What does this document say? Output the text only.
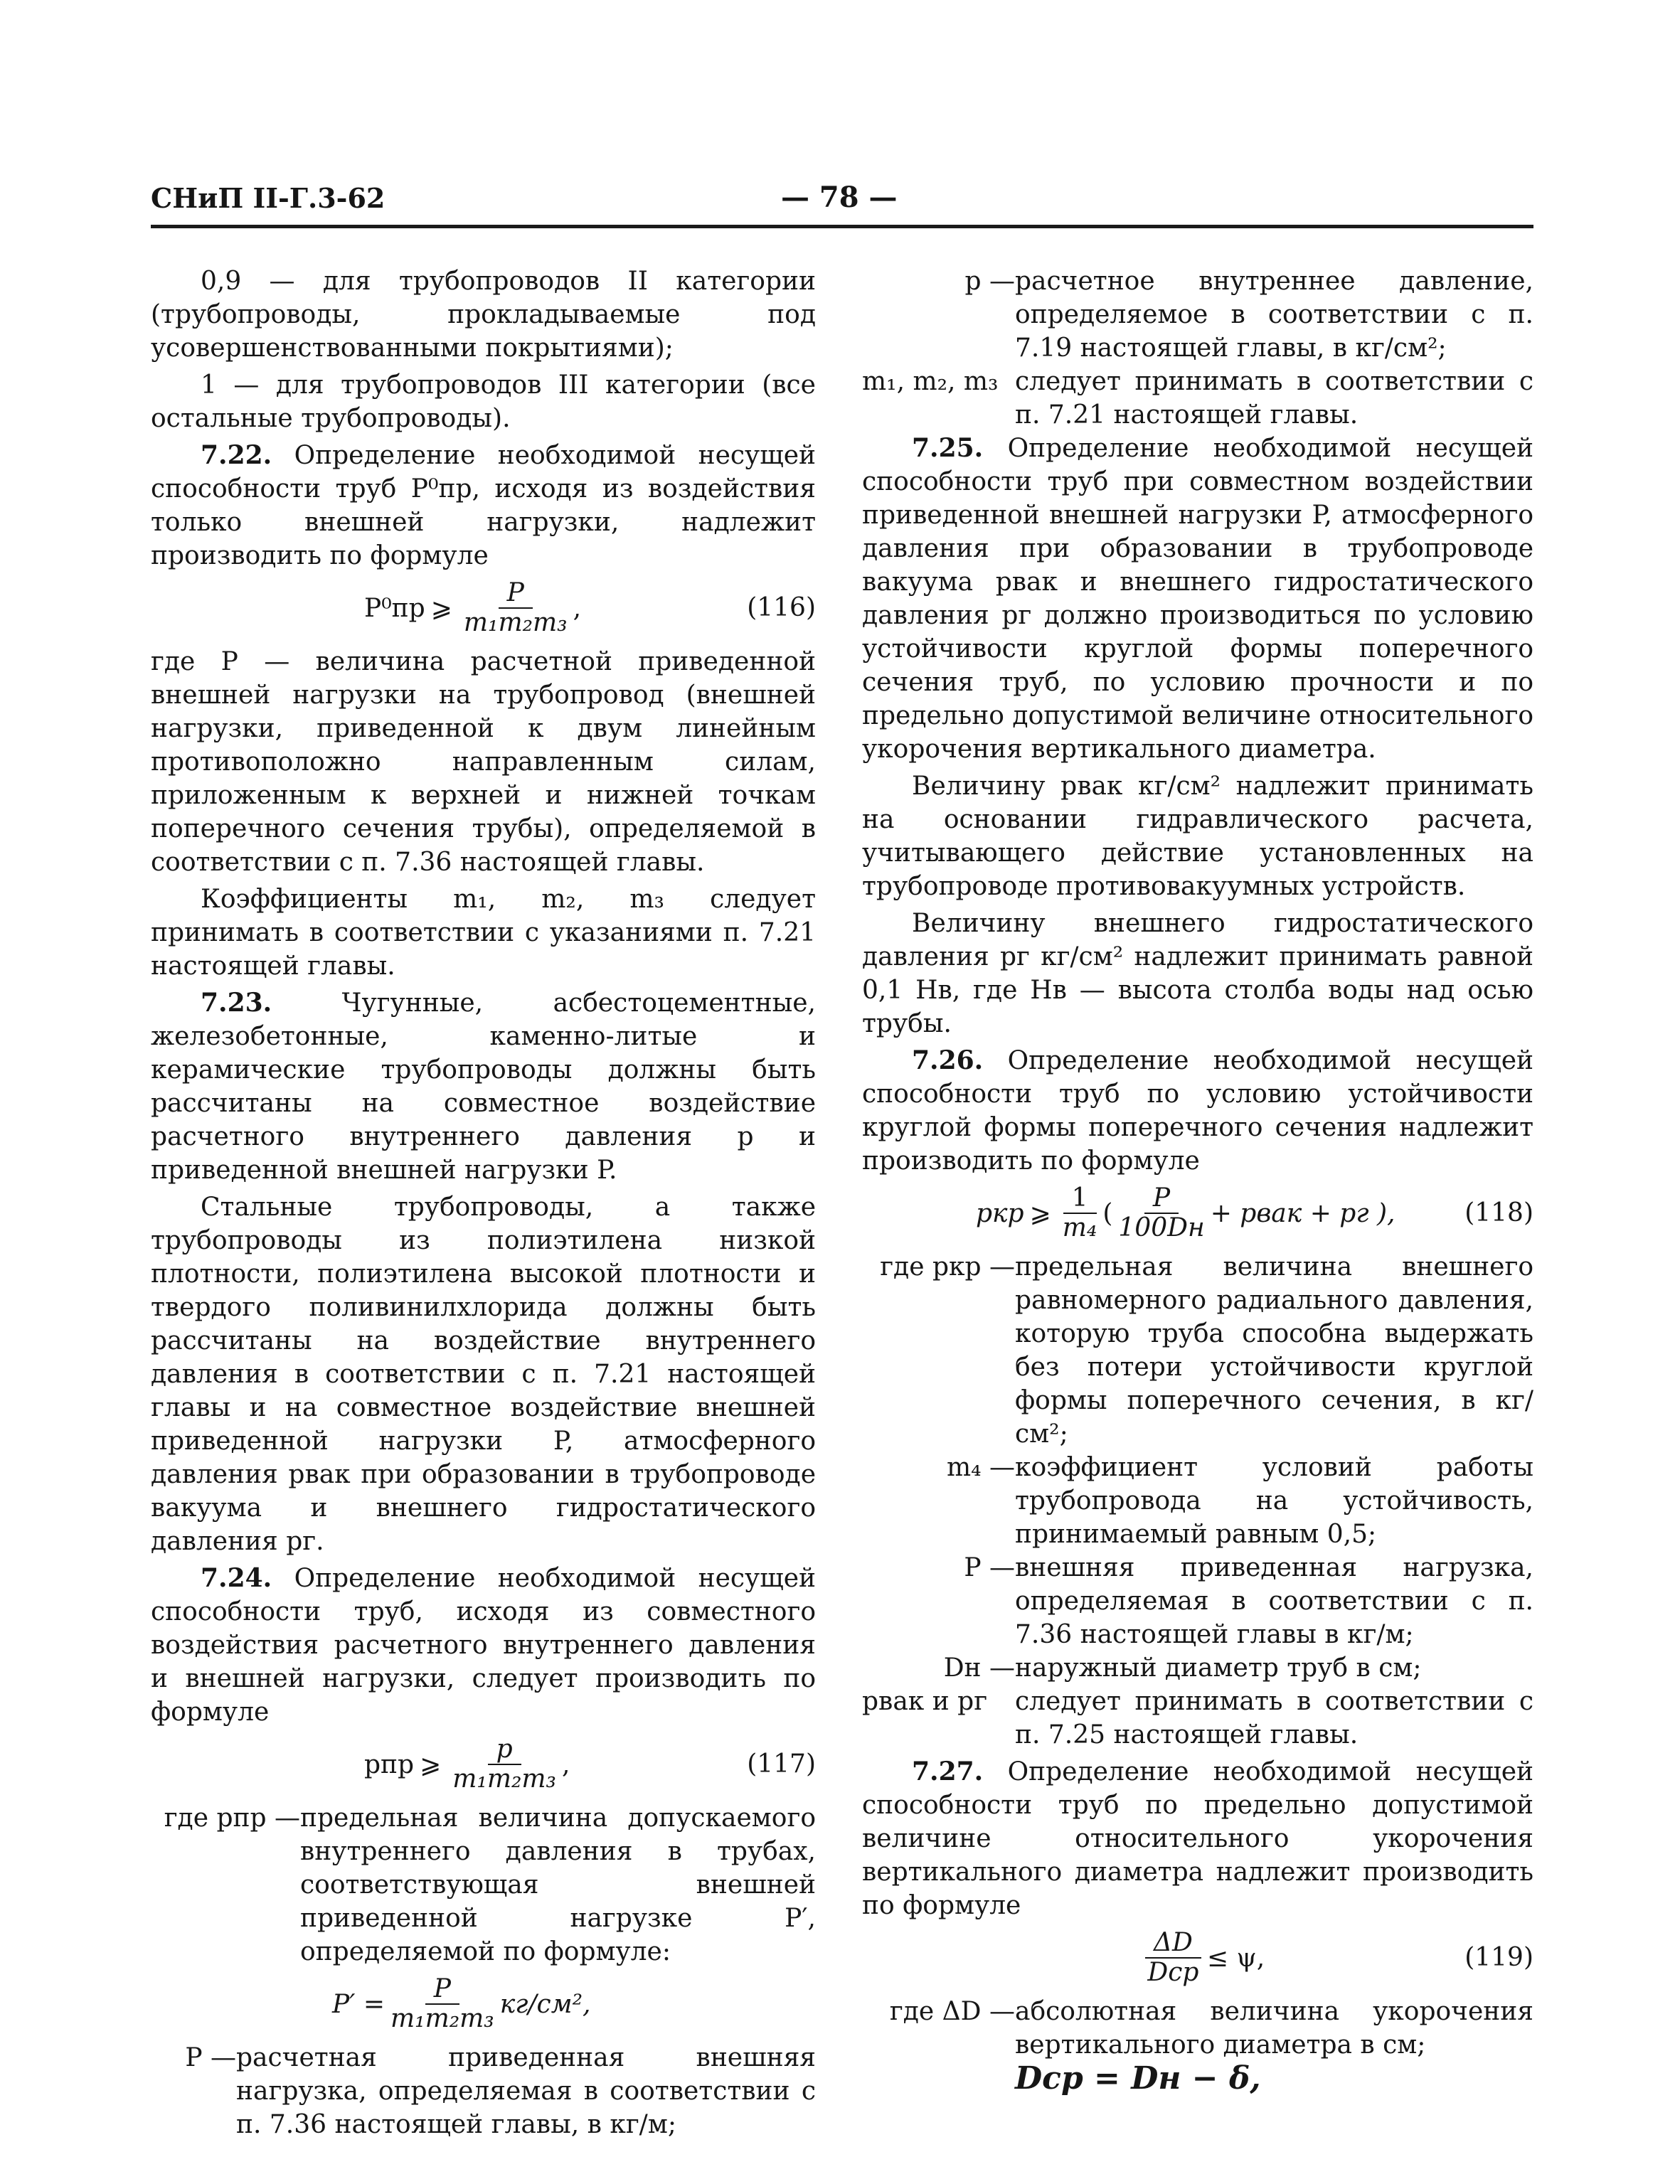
СНиП II-Г.3-62	— 78 —

0,9 — для трубопроводов II категории (трубопроводы, прокладываемые под усовершенствованными покрытиями);

1 — для трубопроводов III категории (все остальные трубопроводы).

7.22. Определение необходимой несущей способности труб P⁰пр, исходя из воздействия только внешней нагрузки, надлежит производить по формуле

P⁰пр ⩾ $\frac{P}{\text{m₁m₂m₃}}$ ,	(116)

где P — величина расчетной приведенной внешней нагрузки на трубопровод (внешней нагрузки, приведенной к двум линейным противоположно направленным силам, приложенным к верхней и нижней точкам поперечного сечения трубы), определяемой в соответствии с п. 7.36 настоящей главы.

Коэффициенты m₁, m₂, m₃ следует принимать в соответствии с указаниями п. 7.21 настоящей главы.

7.23.	Чугунные, асбестоцементные, железобетонные, каменно-литые и керамические трубопроводы должны быть рассчитаны на совместное воздействие расчетного внутреннего давления p и приведенной внешней нагрузки P.

Стальные трубопроводы, а также трубопроводы из полиэтилена низкой плотности, полиэтилена высокой плотности и твердого поливинилхлорида должны быть рассчитаны на воздействие внутреннего давления в соответствии с п. 7.21 настоящей главы и на совместное воздействие внешней приведенной нагрузки P, атмосферного давления pвак при образовании в трубопроводе вакуума и внешнего гидростатического давления pг.

7.24. Определение необходимой несущей способности труб, исходя из совместного воздействия расчетного внутреннего давления и внешней нагрузки, следует производить по формуле

pпр ⩾ $\frac{p}{\text{m₁m₂m₃}}$ ,	(117)
где pпр — предельная величина допускаемого внутреннего давления в трубах, соответствующая внешней приведенной нагрузке P′, определяемой по формуле:
$P' = \frac{P}{\text{m₁m₂m₃}} кг/см^2$,
P — расчетная приведенная внешняя нагрузка, определяемая в соответствии с п. 7.36 настоящей главы, в кг/м;
p — расчетное внутреннее давление, определяемое в соответствии с п. 7.19 настоящей главы, в кг/см²;
m₁, m₂, m₃ следует принимать в соответствии с п. 7.21 настоящей главы.

7.25. Определение необходимой несущей способности труб при совместном воздействии приведенной внешней нагрузки P, атмосферного давления при образовании в трубопроводе вакуума pвак и внешнего гидростатического давления pг должно производиться по условию устойчивости круглой формы поперечного сечения труб, по условию прочности и по предельно допустимой величине относительного укорочения вертикального диаметра.

Величину pвак кг/см² надлежит принимать на основании гидравлического расчета, учитывающего действие установленных на трубопроводе противовакуумных устройств.

Величину внешнего гидростатического давления pг кг/см² надлежит принимать равной 0,1 Hв, где Hв — высота столба воды над осью трубы.

7.26. Определение необходимой несущей способности труб по условию устойчивости круглой формы поперечного сечения надлежит производить по формуле

pкр ⩾ $\frac{1}{\text{m₄}}$ ( $\frac{P}{100Dн}$ + pвак + pг ),	(118)
где pкр — предельная величина внешнего равномерного радиального давления, которую труба способна выдержать без потери устойчивости круглой формы поперечного сечения, в кг/см²;
m₄ — коэффициент условий работы трубопровода на устойчивость, принимаемый равным 0,5;
P — внешняя приведенная нагрузка, определяемая в соответствии с п. 7.36 настоящей главы в кг/м;
Dн — наружный диаметр труб в см;
pвак и pг	следует принимать в соответствии с п. 7.25 настоящей главы.

7.27. Определение необходимой несущей способности труб по предельно допустимой величине относительного укорочения вертикального диаметра надлежит производить по формуле

$\frac{\Delta D}{\text{Dср}} \le \psi$,	(119)
где ΔD — абсолютная величина укорочения вертикального диаметра в см;
Dср = Dн − δ,
